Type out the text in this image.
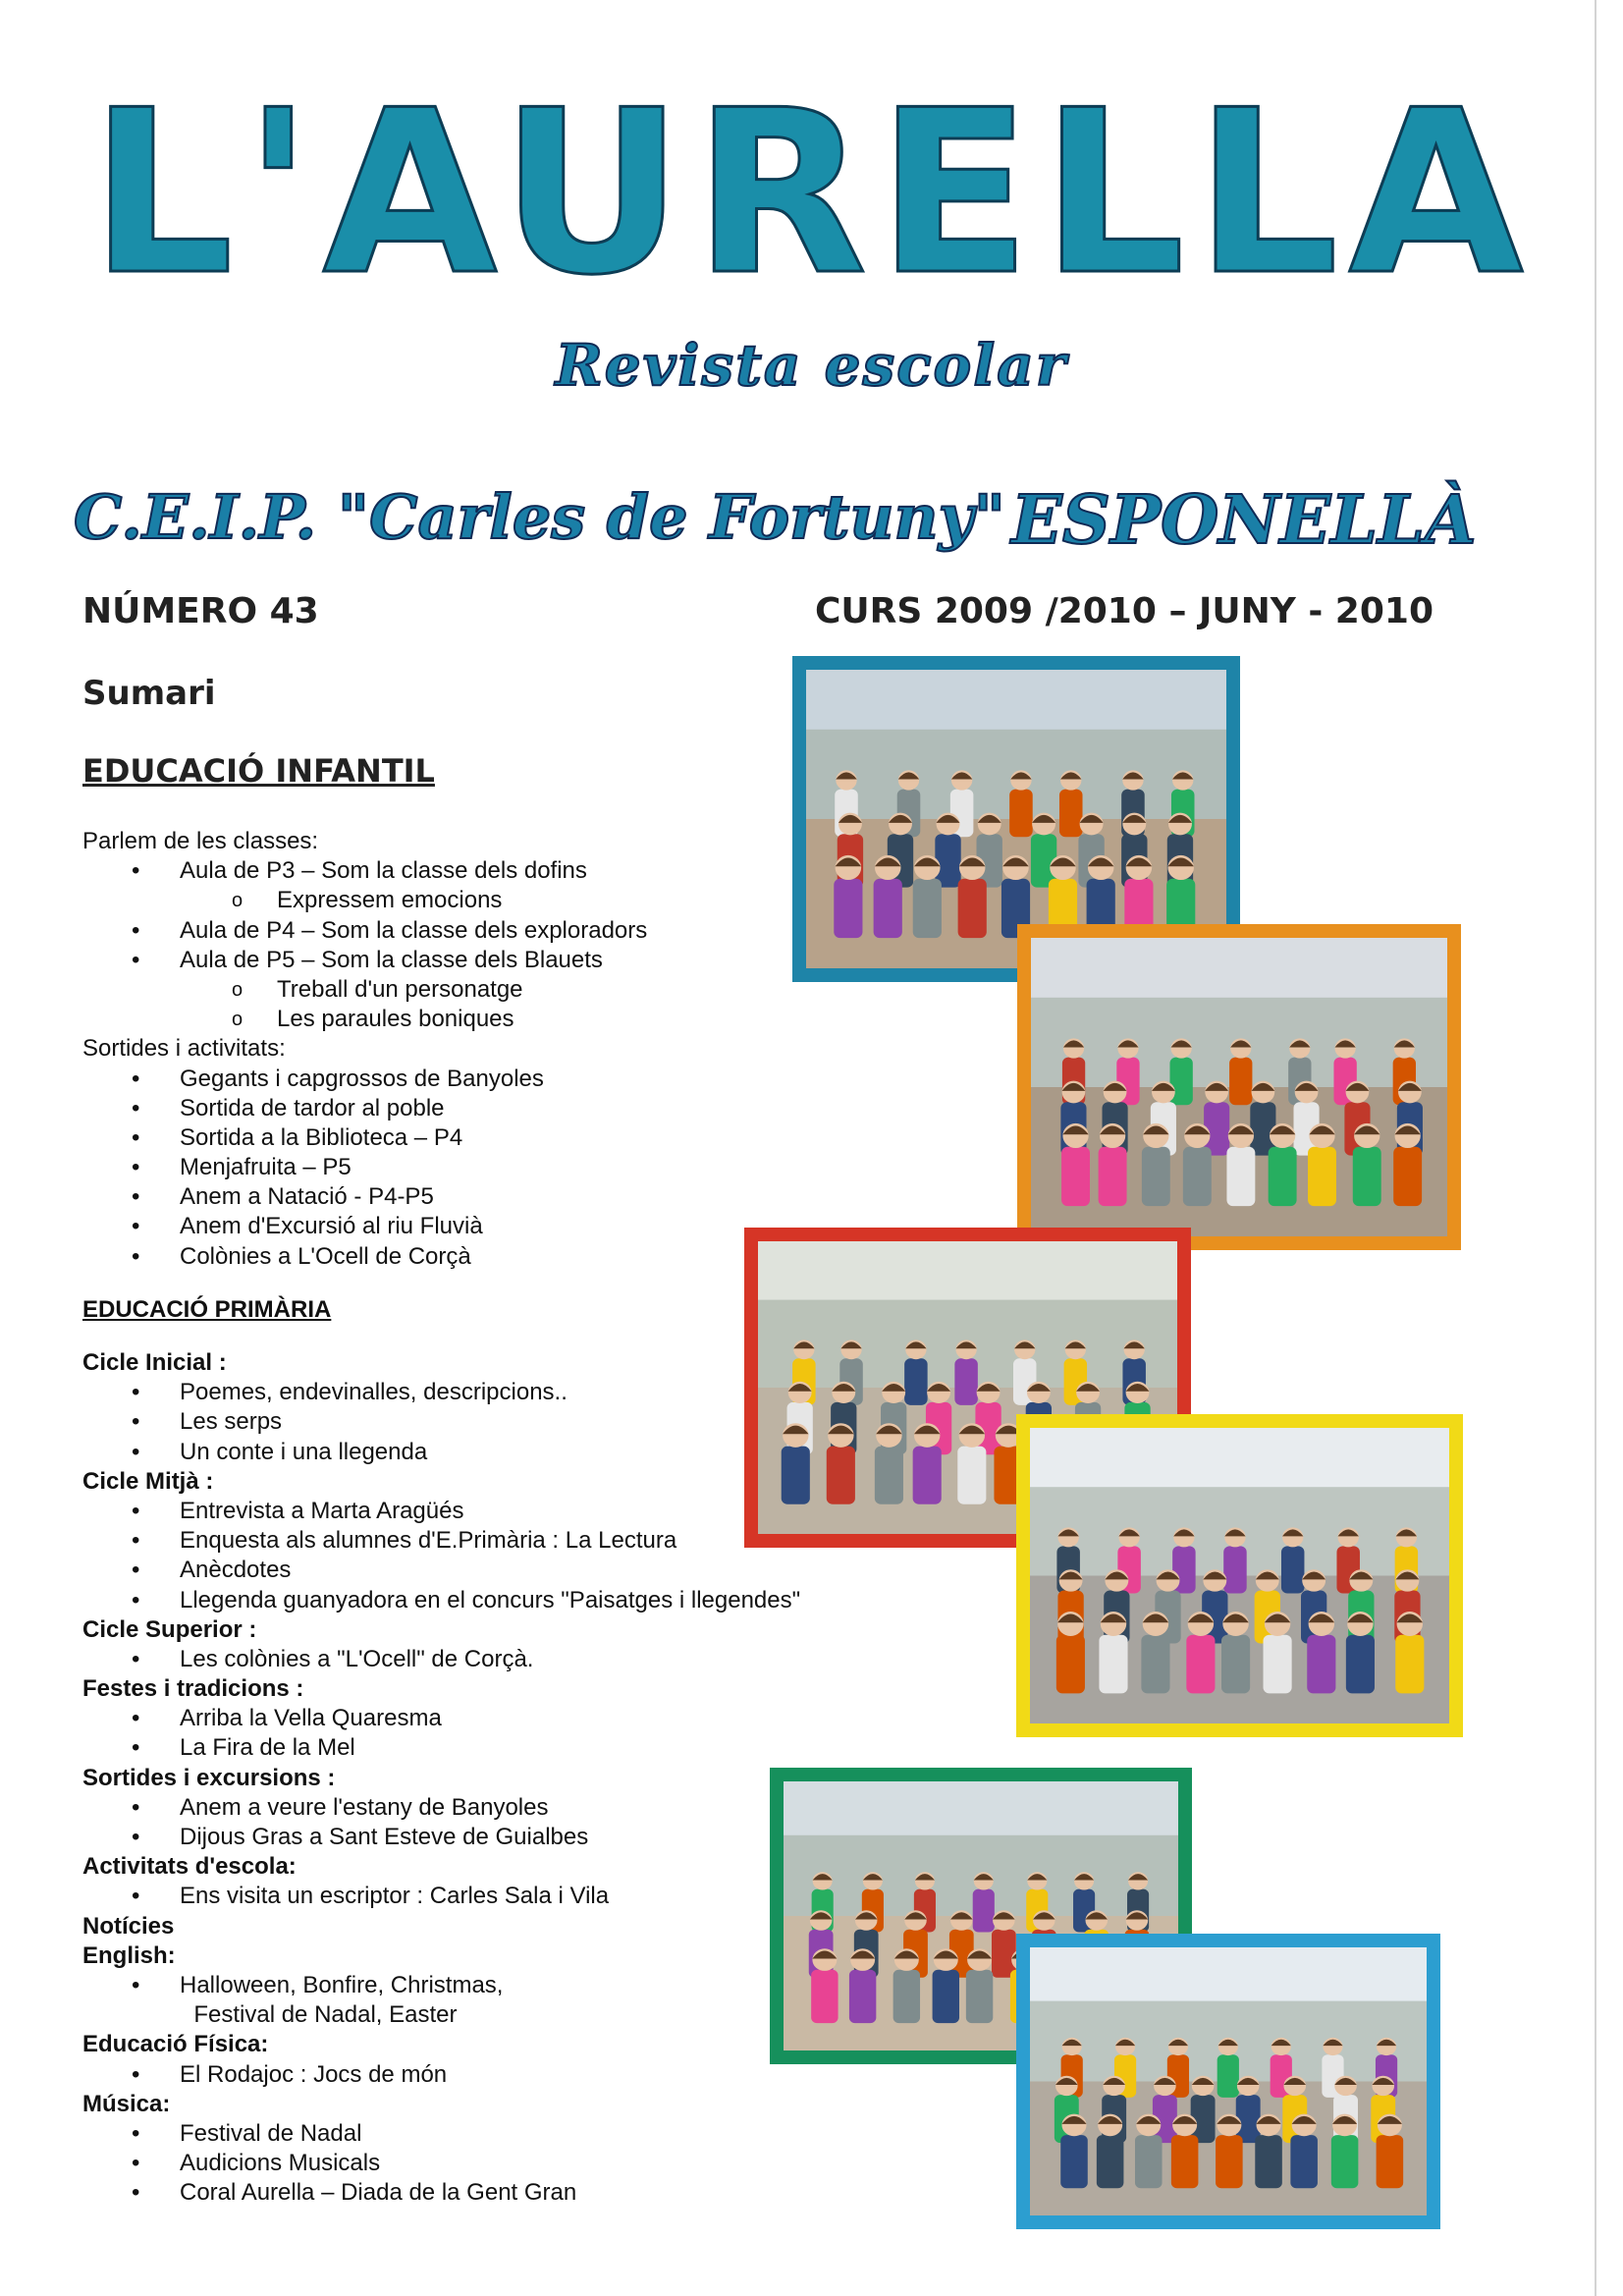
L'AURELLA
Revista escolar
C.E.I.P. "Carles de Fortuny" ESPONELLÀ
NÚMERO 43	CURS 2009 /2010 – JUNY - 2010
Sumari
EDUCACIÓ INFANTIL
Parlem de les classes:
• Aula de P3 – Som la classe dels dofins
o Expressem emocions
• Aula de P4 – Som la classe dels exploradors
• Aula de P5 – Som la classe dels Blauets
o Treball d'un personatge
o Les paraules boniques
Sortides i activitats:
• Gegants i capgrossos de Banyoles
• Sortida de tardor al poble
• Sortida a la Biblioteca – P4
• Menjafruita – P5
• Anem a Natació - P4-P5
• Anem d'Excursió al riu Fluvià
• Colònies a L'Ocell de Corçà
EDUCACIÓ PRIMÀRIA
Cicle Inicial :
• Poemes, endevinalles, descripcions..
• Les serps
• Un conte i una llegenda
Cicle Mitjà :
• Entrevista a Marta Aragüés
• Enquesta als alumnes d'E.Primària : La Lectura
• Anècdotes
• Llegenda guanyadora en el concurs "Paisatges i llegendes"
Cicle Superior :
• Les colònies a "L'Ocell" de Corçà.
Festes i tradicions :
• Arriba la Vella Quaresma
• La Fira de la Mel
Sortides i excursions :
• Anem a veure l'estany de Banyoles
• Dijous Gras a Sant Esteve de Guialbes
Activitats d'escola:
• Ens visita un escriptor : Carles Sala i Vila
Notícies
English:
• Halloween, Bonfire, Christmas,
Festival de Nadal, Easter
Educació Física:
• El Rodajoc : Jocs de món
Música:
• Festival de Nadal
• Audicions Musicals
• Coral Aurella – Diada de la Gent Gran
